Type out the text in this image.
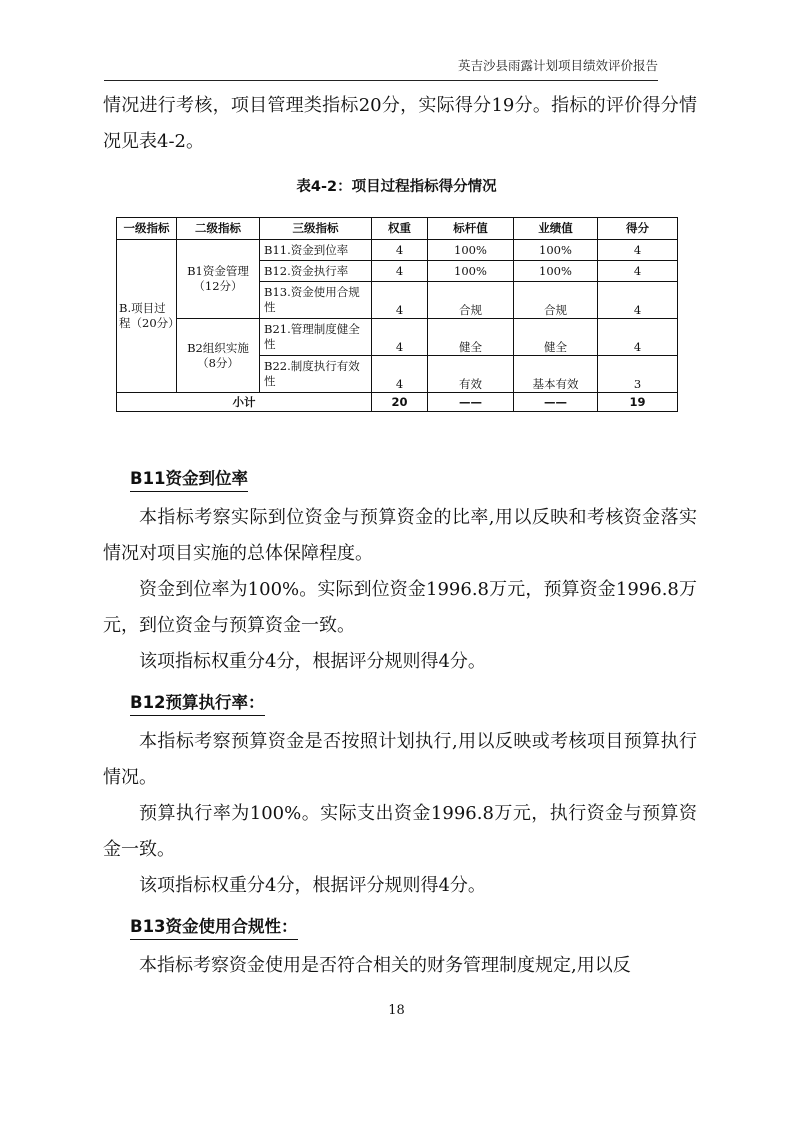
英吉沙县雨露计划项目绩效评价报告

情况进行考核，项目管理类指标20分，实际得分19分。指标的评价得分情况见表4-2。

表4-2：项目过程指标得分情况
一级指标	二级指标	三级指标	权重	标杆值	业绩值	得分
B.项目过程（20分）	B1资金管理（12分）	B11.资金到位率	4	100%	100%	4
		B12.资金执行率	4	100%	100%	4
		B13.资金使用合规性	4	合规	合规	4
	B2组织实施（8分）	B21.管理制度健全性	4	健全	健全	4
		B22.制度执行有效性	4	有效	基本有效	3
小计			20	——	——	19
B11资金到位率

本指标考察实际到位资金与预算资金的比率,用以反映和考核资金落实情况对项目实施的总体保障程度。

资金到位率为100%。实际到位资金1996.8万元，预算资金1996.8万元，到位资金与预算资金一致。

该项指标权重分4分，根据评分规则得4分。

B12预算执行率：

本指标考察预算资金是否按照计划执行,用以反映或考核项目预算执行情况。

预算执行率为100%。实际支出资金1996.8万元，执行资金与预算资金一致。

该项指标权重分4分，根据评分规则得4分。

B13资金使用合规性：

本指标考察资金使用是否符合相关的财务管理制度规定,用以反

18
